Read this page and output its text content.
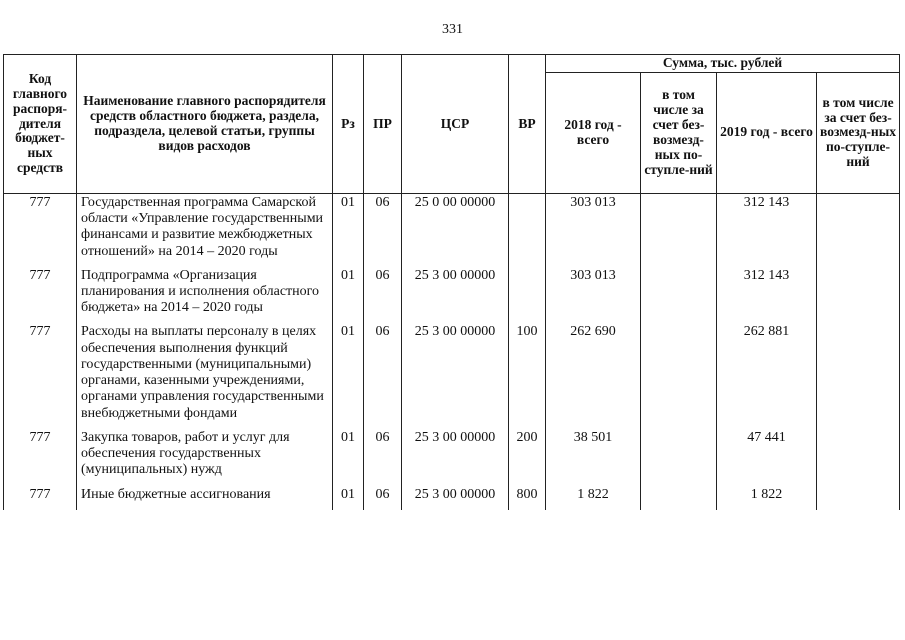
331
Код главного распоря-дителя бюджет-ных средств	Наименование главного распорядителя средств областного бюджета, раздела, подраздела, целевой статьи, группы видов расходов	Рз	ПР	ЦСР	ВР	Сумма, тыс. рублей			
						2018 год - всего	в том числе за счет без-возмезд-ных по-ступле-ний	2019 год - всего	в том числе за счет без-возмезд-ных по-ступле-ний
777	Государственная программа Самарской области «Управление государственными финансами и развитие межбюджетных отношений» на 2014 – 2020 годы	01	06	25 0 00 00000		303 013		312 143	
777	Подпрограмма «Организация планирования и исполнения областного бюджета» на 2014 – 2020 годы	01	06	25 3 00 00000		303 013		312 143	
777	Расходы на выплаты персоналу в целях обеспечения выполнения функций государственными (муниципальными) органами, казенными учреждениями, органами управления государственными внебюджетными фондами	01	06	25 3 00 00000	100	262 690		262 881	
777	Закупка товаров, работ и услуг для обеспечения государственных (муниципальных) нужд	01	06	25 3 00 00000	200	38 501		47 441	
777	Иные бюджетные ассигнования	01	06	25 3 00 00000	800	1 822		1 822	
